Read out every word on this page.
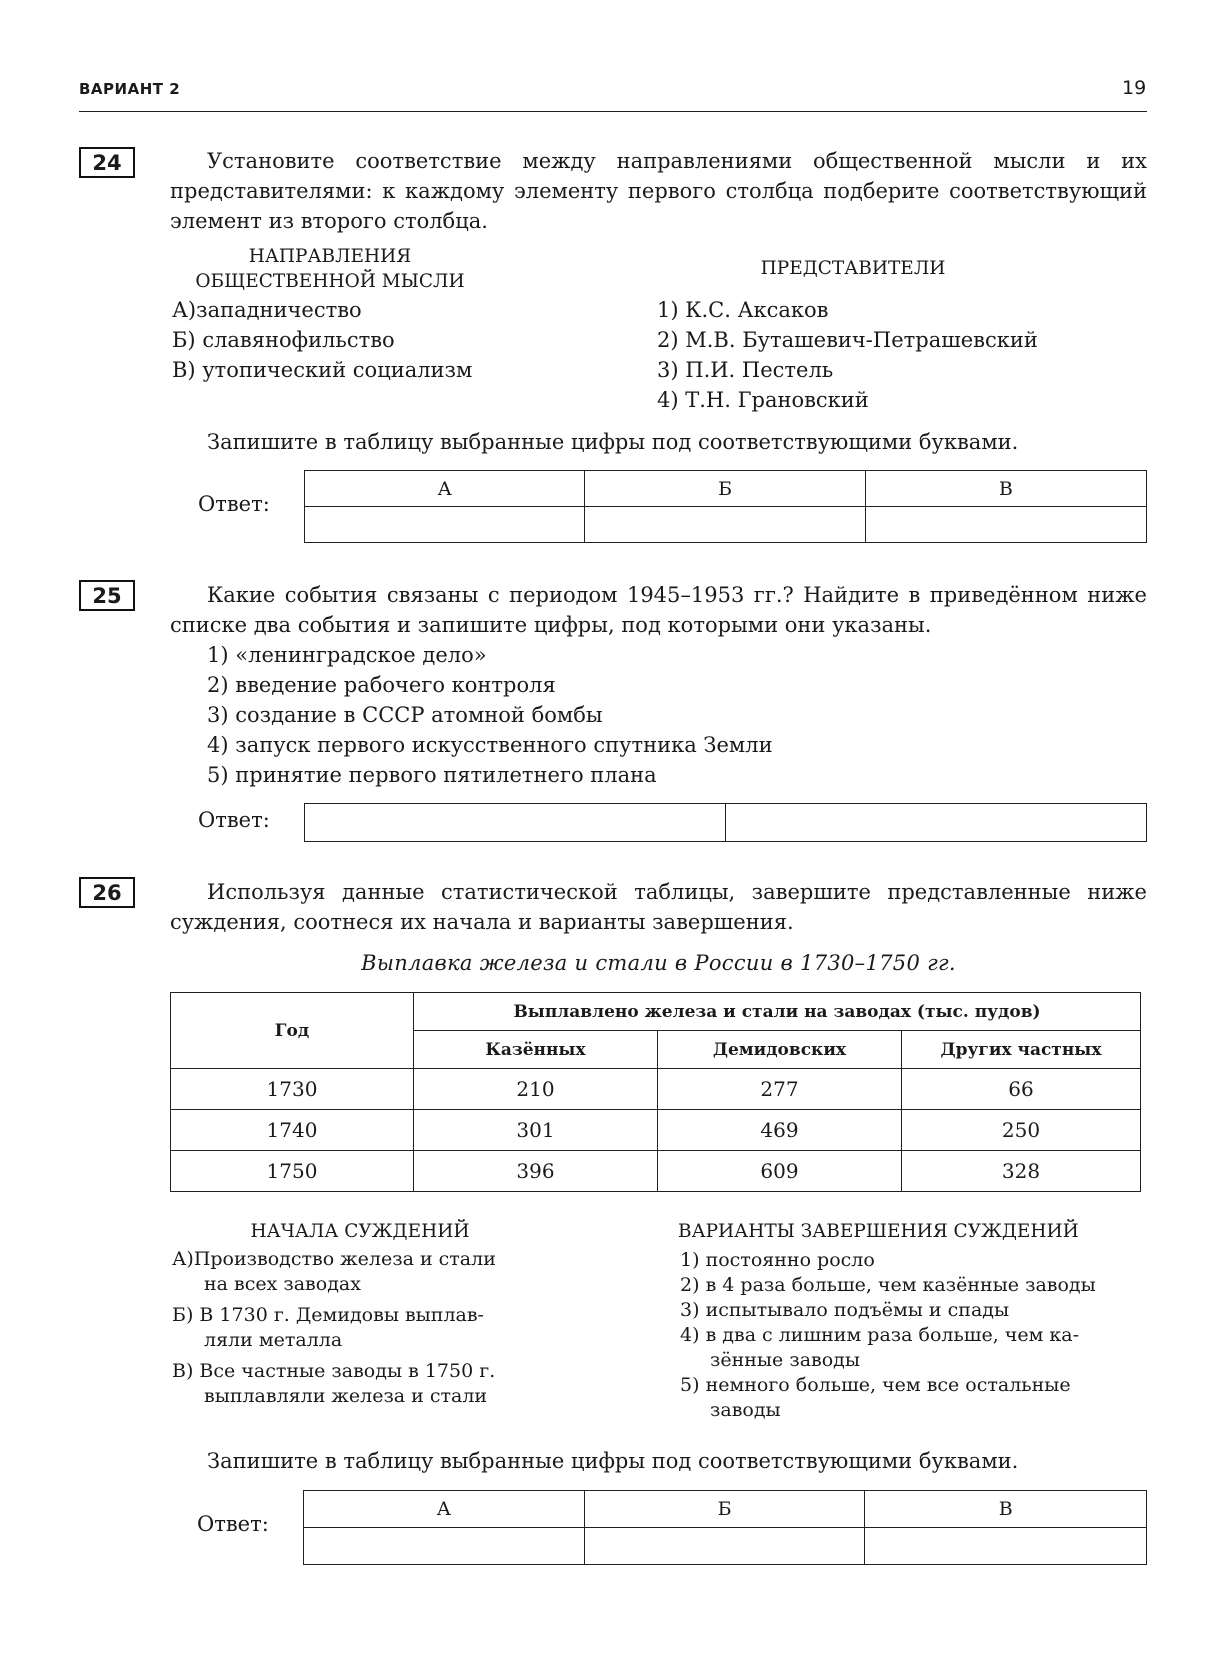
ВАРИАНТ 2	19
24	Установите соответствие между направлениями общественной мысли и их представителями: к каждому элементу первого столбца подберите соответствующий элемент из второго столбца.
НАПРАВЛЕНИЯ
ОБЩЕСТВЕННОЙ МЫСЛИ
ПРЕДСТАВИТЕЛИ
А)западничество
Б) славянофильство
В) утопический социализм
1) К.С. Аксаков
2) М.В. Буташевич-Петрашевский
3) П.И. Пестель
4) Т.Н. Грановский
Запишите в таблицу выбранные цифры под соответствующими буквами.
Ответ:
А	Б	В

25	Какие события связаны с периодом 1945–1953 гг.? Найдите в приведённом ниже списке два события и запишите цифры, под которыми они указаны.
1) «ленинградское дело»
2) введение рабочего контроля
3) создание в СССР атомной бомбы
4) запуск первого искусственного спутника Земли
5) принятие первого пятилетнего плана
Ответ:

26	Используя данные статистической таблицы, завершите представленные ниже суждения, соотнеся их начала и варианты завершения.
Выплавка железа и стали в России в 1730–1750 гг.
Год	Выплавлено железа и стали на заводах (тыс. пудов)		
	Казённых	Демидовских	Других частных
1730	210	277	66
1740	301	469	250
1750	396	609	328
НАЧАЛА СУЖДЕНИЙ	ВАРИАНТЫ ЗАВЕРШЕНИЯ СУЖДЕНИЙ
А)Производство железа и стали
на всех заводах
Б) В 1730 г. Демидовы выплав-
ляли металла
В) Все частные заводы в 1750 г.
выплавляли железа и стали
1) постоянно росло
2) в 4 раза больше, чем казённые заводы
3) испытывало подъёмы и спады
4) в два с лишним раза больше, чем ка-
зённые заводы
5) немного больше, чем все остальные
заводы
Запишите в таблицу выбранные цифры под соответствующими буквами.
Ответ:
А	Б	В
